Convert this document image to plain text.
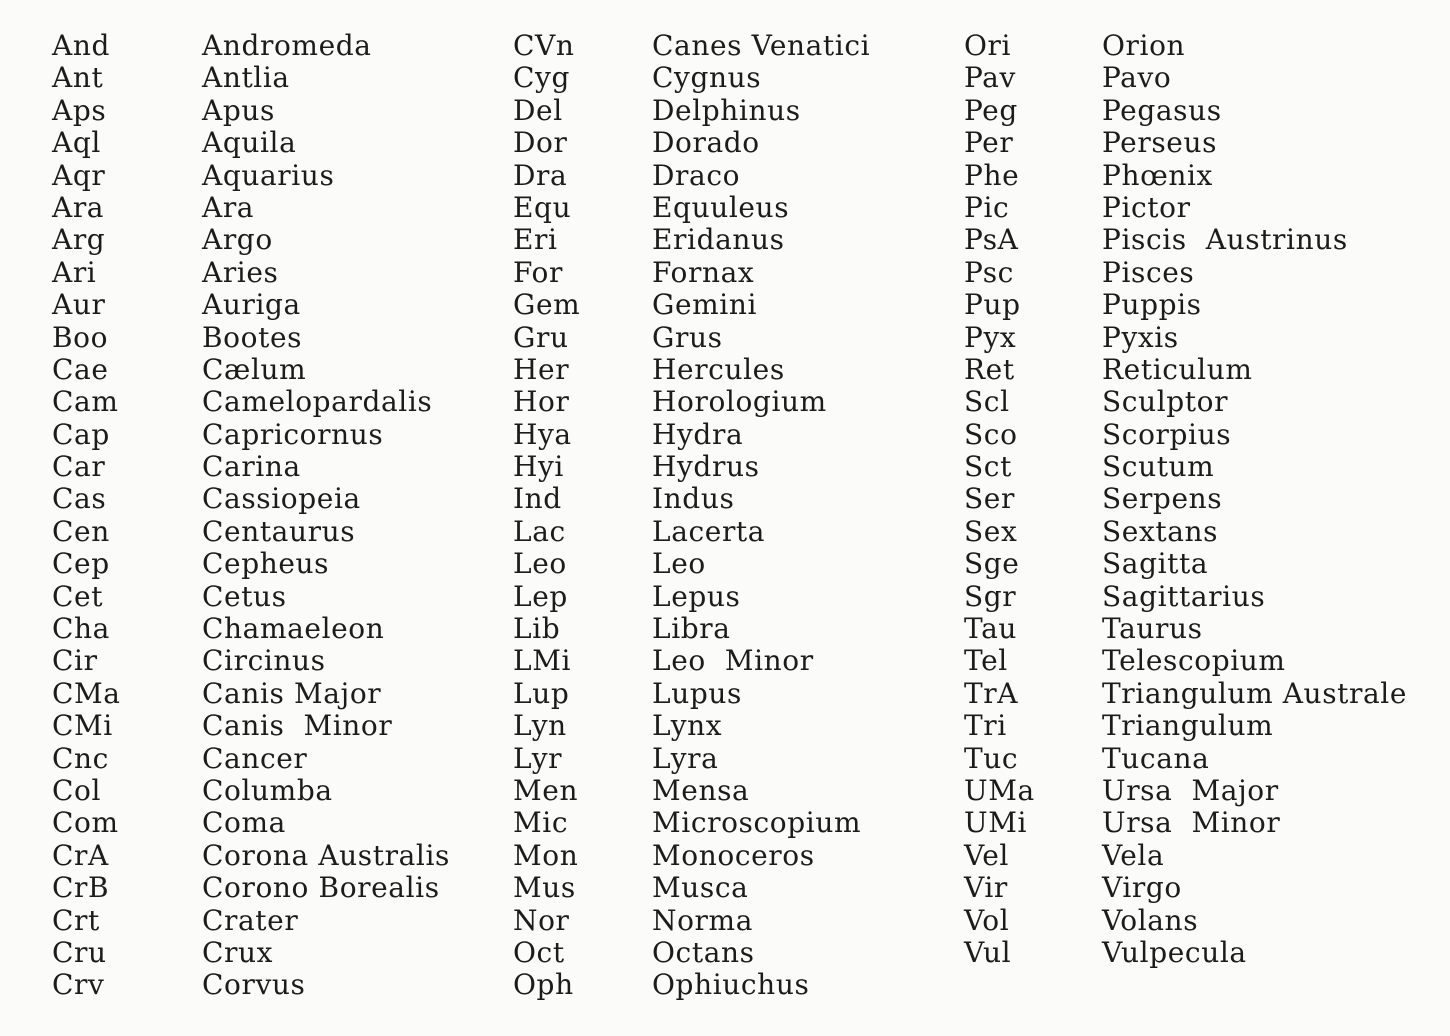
And
Ant
Aps
Aql
Aqr
Ara
Arg
Ari
Aur
Boo
Cae
Cam
Cap
Car
Cas
Cen
Cep
Cet
Cha
Cir
CMa
CMi
Cnc
Col
Com
CrA
CrB
Crt
Cru
Crv
Andromeda
Antlia
Apus
Aquila
Aquarius
Ara
Argo
Aries
Auriga
Bootes
Cælum
Camelopardalis
Capricornus
Carina
Cassiopeia
Centaurus
Cepheus
Cetus
Chamaeleon
Circinus
Canis Major
Canis  Minor
Cancer
Columba
Coma
Corona Australis
Corono Borealis
Crater
Crux
Corvus
CVn
Cyg
Del
Dor
Dra
Equ
Eri
For
Gem
Gru
Her
Hor
Hya
Hyi
Ind
Lac
Leo
Lep
Lib
LMi
Lup
Lyn
Lyr
Men
Mic
Mon
Mus
Nor
Oct
Oph
Canes Venatici
Cygnus
Delphinus
Dorado
Draco
Equuleus
Eridanus
Fornax
Gemini
Grus
Hercules
Horologium
Hydra
Hydrus
Indus
Lacerta
Leo
Lepus
Libra
Leo  Minor
Lupus
Lynx
Lyra
Mensa
Microscopium
Monoceros
Musca
Norma
Octans
Ophiuchus
Ori
Pav
Peg
Per
Phe
Pic
PsA
Psc
Pup
Pyx
Ret
Scl
Sco
Sct
Ser
Sex
Sge
Sgr
Tau
Tel
TrA
Tri
Tuc
UMa
UMi
Vel
Vir
Vol
Vul
Orion
Pavo
Pegasus
Perseus
Phœnix
Pictor
Piscis  Austrinus
Pisces
Puppis
Pyxis
Reticulum
Sculptor
Scorpius
Scutum
Serpens
Sextans
Sagitta
Sagittarius
Taurus
Telescopium
Triangulum Australe
Triangulum
Tucana
Ursa  Major
Ursa  Minor
Vela
Virgo
Volans
Vulpecula
